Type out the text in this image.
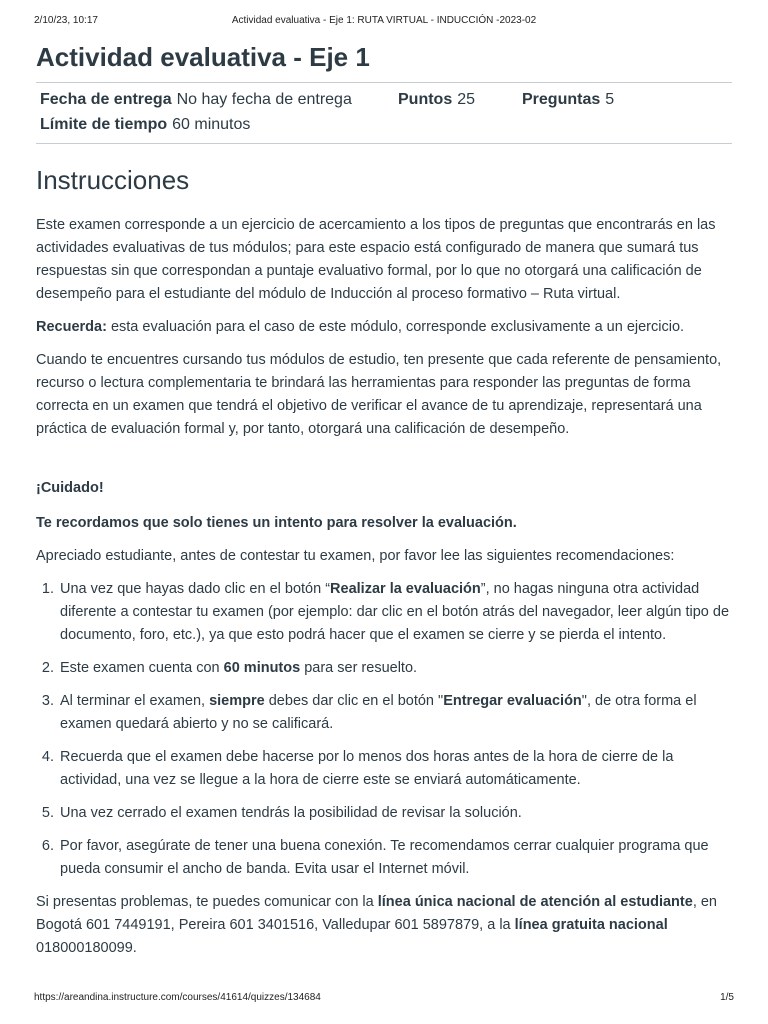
2/10/23, 10:17	Actividad evaluativa - Eje 1: RUTA VIRTUAL - INDUCCIÓN -2023-02
Actividad evaluativa - Eje 1
Fecha de entrega No hay fecha de entrega	Puntos 25	Preguntas 5
Límite de tiempo 60 minutos
Instrucciones

Este examen corresponde a un ejercicio de acercamiento a los tipos de preguntas que encontrarás en las actividades evaluativas de tus módulos; para este espacio está configurado de manera que sumará tus respuestas sin que correspondan a puntaje evaluativo formal, por lo que no otorgará una calificación de desempeño para el estudiante del módulo de Inducción al proceso formativo – Ruta virtual.

Recuerda: esta evaluación para el caso de este módulo, corresponde exclusivamente a un ejercicio.

Cuando te encuentres cursando tus módulos de estudio, ten presente que cada referente de pensamiento, recurso o lectura complementaria te brindará las herramientas para responder las preguntas de forma correcta en un examen que tendrá el objetivo de verificar el avance de tu aprendizaje, representará una práctica de evaluación formal y, por tanto, otorgará una calificación de desempeño.

¡Cuidado!

Te recordamos que solo tienes un intento para resolver la evaluación.

Apreciado estudiante, antes de contestar tu examen, por favor lee las siguientes recomendaciones:

1. Una vez que hayas dado clic en el botón “Realizar la evaluación”, no hagas ninguna otra actividad diferente a contestar tu examen (por ejemplo: dar clic en el botón atrás del navegador, leer algún tipo de documento, foro, etc.), ya que esto podrá hacer que el examen se cierre y se pierda el intento.
2. Este examen cuenta con 60 minutos para ser resuelto.
3. Al terminar el examen, siempre debes dar clic en el botón "Entregar evaluación", de otra forma el examen quedará abierto y no se calificará.
4. Recuerda que el examen debe hacerse por lo menos dos horas antes de la hora de cierre de la actividad, una vez se llegue a la hora de cierre este se enviará automáticamente.
5. Una vez cerrado el examen tendrás la posibilidad de revisar la solución.
6. Por favor, asegúrate de tener una buena conexión. Te recomendamos cerrar cualquier programa que pueda consumir el ancho de banda. Evita usar el Internet móvil.

Si presentas problemas, te puedes comunicar con la línea única nacional de atención al estudiante, en Bogotá 601 7449191, Pereira 601 3401516, Valledupar 601 5897879, a la línea gratuita nacional 018000180099.

https://areandina.instructure.com/courses/41614/quizzes/134684	1/5
